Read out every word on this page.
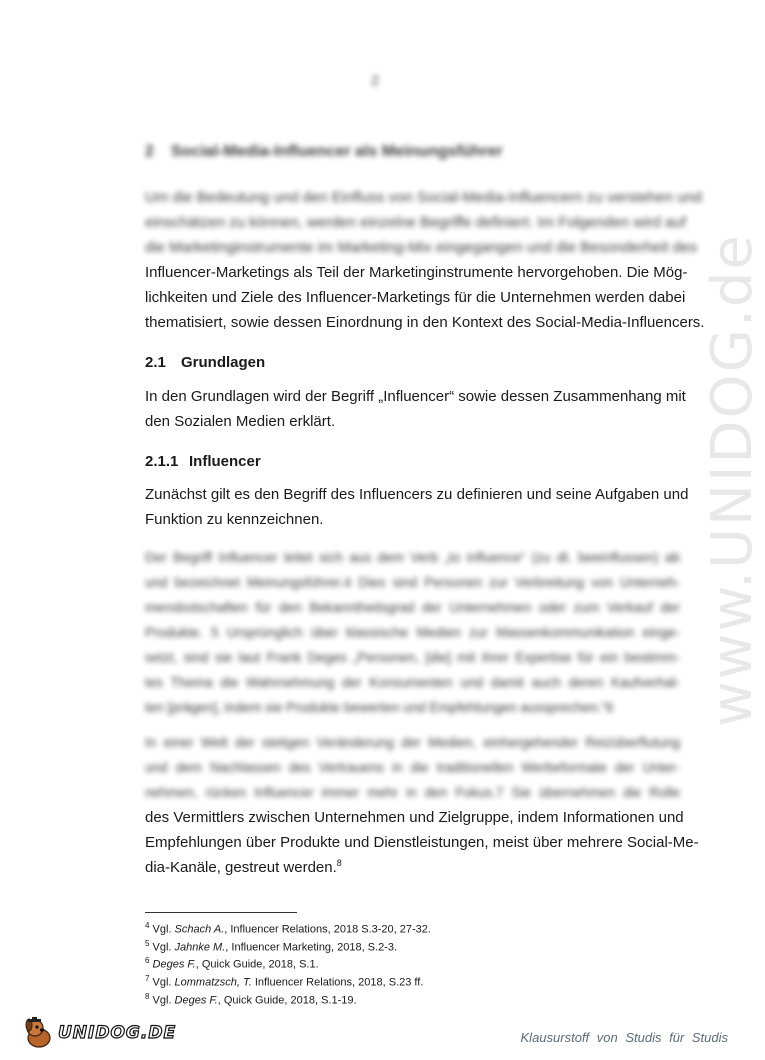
www.UNIDOG.de
2
2 Social-Media-Influencer als Meinungsführer
Um die Bedeutung und den Einfluss von Social-Media-Influencern zu verstehen und
einschätzen zu können, werden einzelne Begriffe definiert. Im Folgenden wird auf
die Marketinginstrumente im Marketing-Mix eingegangen und die Besonderheit des
Influencer-Marketings als Teil der Marketinginstrumente hervorgehoben. Die Mög-
lichkeiten und Ziele des Influencer-Marketings für die Unternehmen werden dabei
thematisiert, sowie dessen Einordnung in den Kontext des Social-Media-Influencers.
2.1 Grundlagen
In den Grundlagen wird der Begriff „Influencer“ sowie dessen Zusammenhang mit
den Sozialen Medien erklärt.
2.1.1 Influencer
Zunächst gilt es den Begriff des Influencers zu definieren und seine Aufgaben und
Funktion zu kennzeichnen.
Der Begriff Influencer leitet sich aus dem Verb „to influence“ (zu dt. beeinflussen) ab
und bezeichnet Meinungsführer.4 Dies sind Personen zur Verbreitung von Unterneh-
mensbotschaften für den Bekanntheitsgrad der Unternehmen oder zum Verkauf der
Produkte. 5 Ursprünglich über klassische Medien zur Massenkommunikation einge-
setzt, sind sie laut Frank Deges „Personen, [die] mit ihrer Expertise für ein bestimm-
tes Thema die Wahrnehmung der Konsumenten und damit auch deren Kaufverhal-
ten [prägen], indem sie Produkte bewerten und Empfehlungen aussprechen.“6
In einer Welt der stetigen Veränderung der Medien, einhergehender Reizüberflutung
und dem Nachlassen des Vertrauens in die traditionellen Werbeformate der Unter-
nehmen, rücken Influencer immer mehr in den Fokus.7 Sie übernehmen die Rolle
des Vermittlers zwischen Unternehmen und Zielgruppe, indem Informationen und
Empfehlungen über Produkte und Dienstleistungen, meist über mehrere Social-Me-
dia-Kanäle, gestreut werden.$^8$
$^4$ Vgl. Schach A., Influencer Relations, 2018 S.3-20, 27-32.
$^5$ Vgl. Jahnke M., Influencer Marketing, 2018, S.2-3.
$^6$ Deges F., Quick Guide, 2018, S.1.
$^7$ Vgl. Lommatzsch, T. Influencer Relations, 2018, S.23 ff.
$^8$ Vgl. Deges F., Quick Guide, 2018, S.1-19.
UNIDOG.DE	Klausurstoff von Studis für Studis
